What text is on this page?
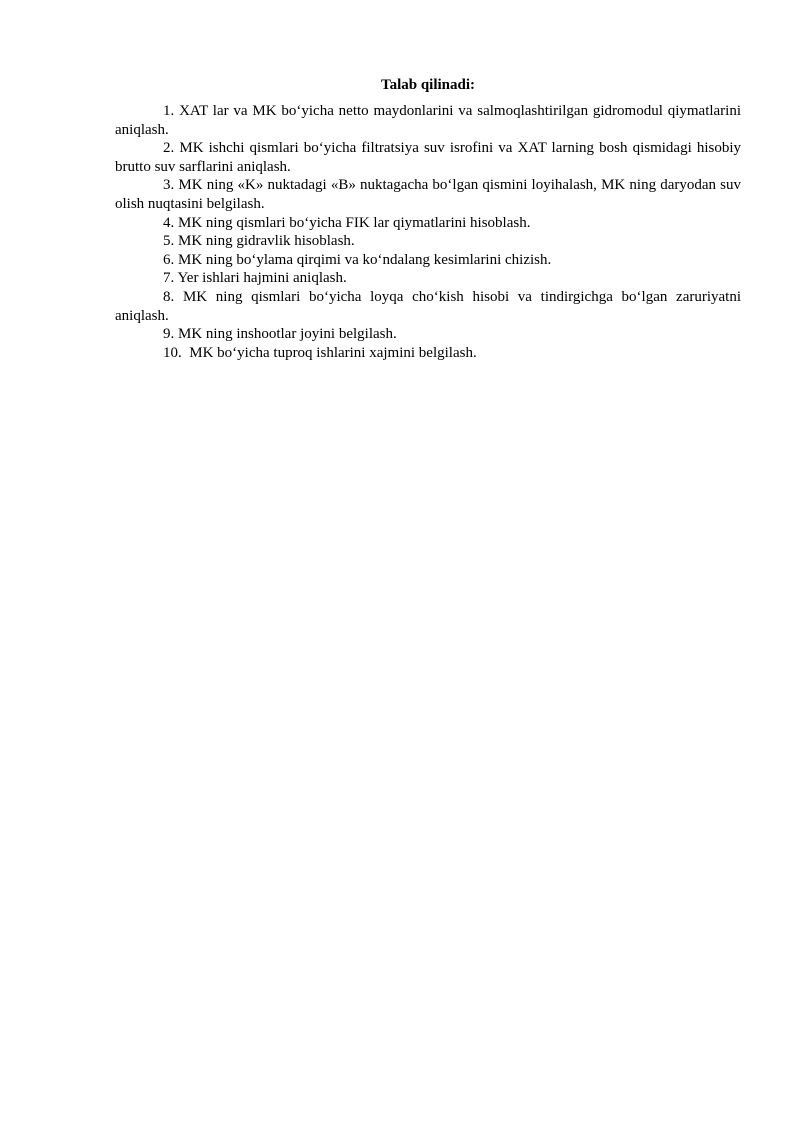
Talab qilinadi:
1. XAT lar va MK boʻyicha netto maydonlarini va salmoqlashtirilgan gidromodul qiymatlarini aniqlash.
2. MK ishchi qismlari boʻyicha filtratsiya suv isrofini va XAT larning bosh qismidagi hisobiy brutto suv sarflarini aniqlash.
3. MK ning «K» nuktadagi «B» nuktagacha boʻlgan qismini loyihalash, MK ning daryodan suv olish nuqtasini belgilash.
4. MK ning qismlari boʻyicha FIK lar qiymatlarini hisoblash.
5. MK ning gidravlik hisoblash.
6. MK ning boʻylama qirqimi va koʻndalang kesimlarini chizish.
7. Yer ishlari hajmini aniqlash.
8. MK ning qismlari boʻyicha loyqa choʻkish hisobi va tindirgichga boʻlgan zaruriyatni aniqlash.
9. MK ning inshootlar joyini belgilash.
10.  MK boʻyicha tuproq ishlarini xajmini belgilash.
